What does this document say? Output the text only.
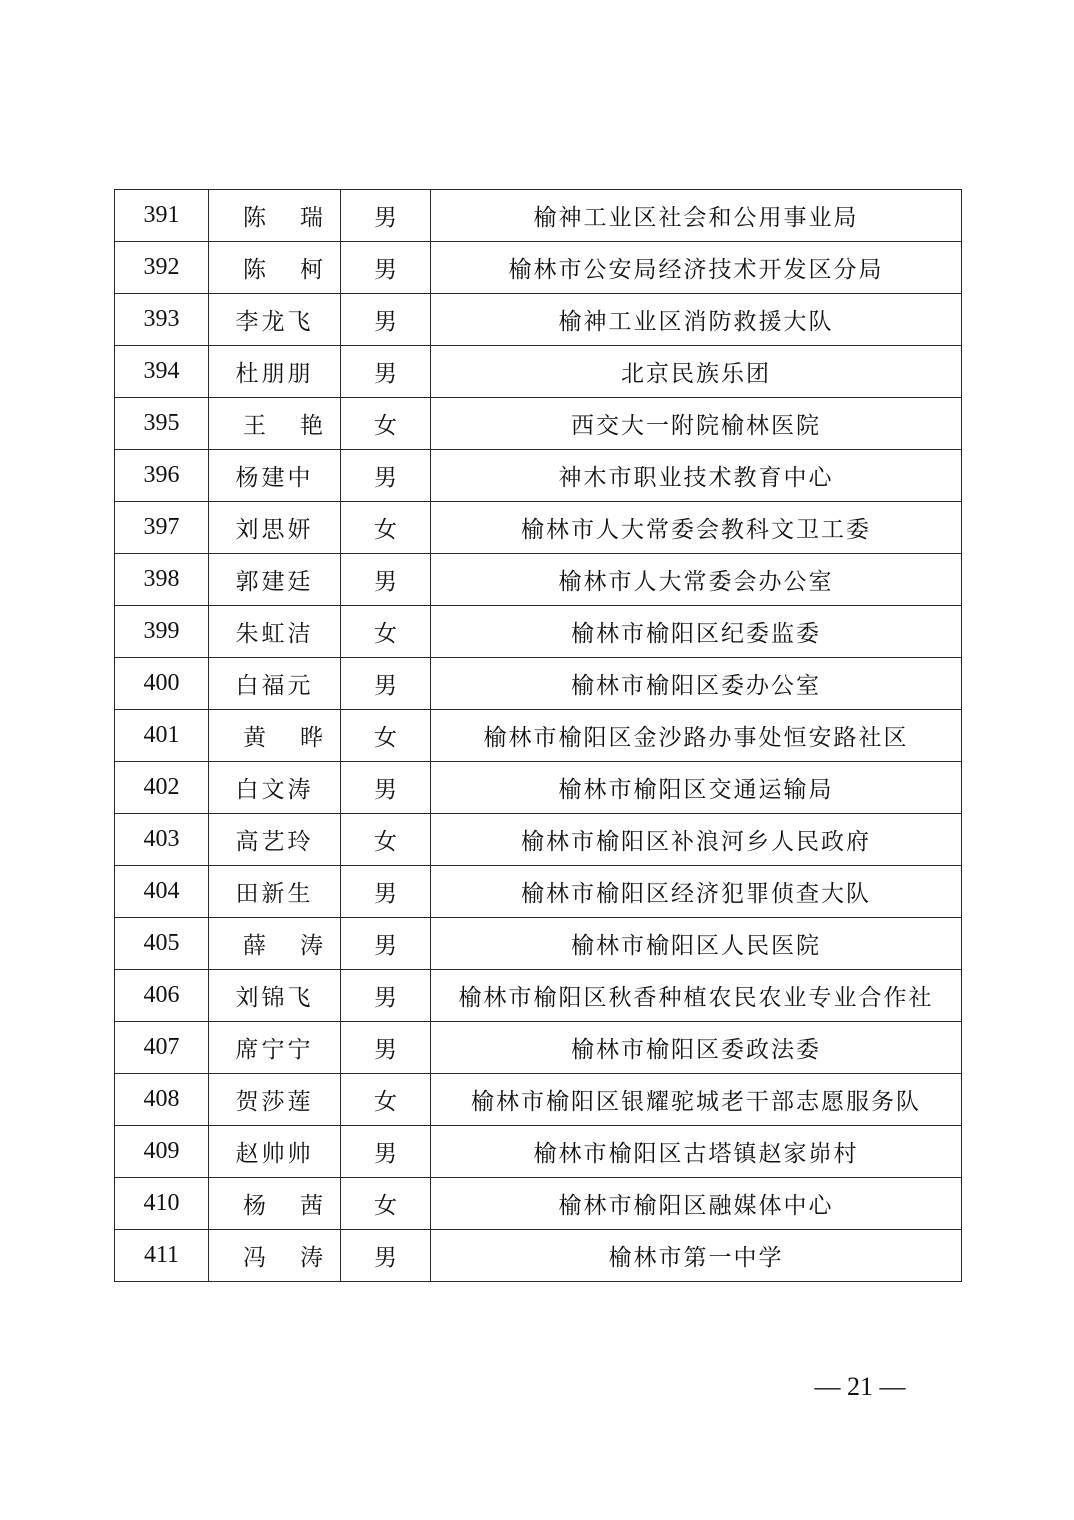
391	陈瑞	男	榆神工业区社会和公用事业局
392	陈柯	男	榆林市公安局经济技术开发区分局
393	李龙飞	男	榆神工业区消防救援大队
394	杜朋朋	男	北京民族乐团
395	王艳	女	西交大一附院榆林医院
396	杨建中	男	神木市职业技术教育中心
397	刘思妍	女	榆林市人大常委会教科文卫工委
398	郭建廷	男	榆林市人大常委会办公室
399	朱虹洁	女	榆林市榆阳区纪委监委
400	白福元	男	榆林市榆阳区委办公室
401	黄晔	女	榆林市榆阳区金沙路办事处恒安路社区
402	白文涛	男	榆林市榆阳区交通运输局
403	高艺玲	女	榆林市榆阳区补浪河乡人民政府
404	田新生	男	榆林市榆阳区经济犯罪侦查大队
405	薛涛	男	榆林市榆阳区人民医院
406	刘锦飞	男	榆林市榆阳区秋香种植农民农业专业合作社
407	席宁宁	男	榆林市榆阳区委政法委
408	贺莎莲	女	榆林市榆阳区银耀驼城老干部志愿服务队
409	赵帅帅	男	榆林市榆阳区古塔镇赵家峁村
410	杨茜	女	榆林市榆阳区融媒体中心
411	冯涛	男	榆林市第一中学
— 21 —
